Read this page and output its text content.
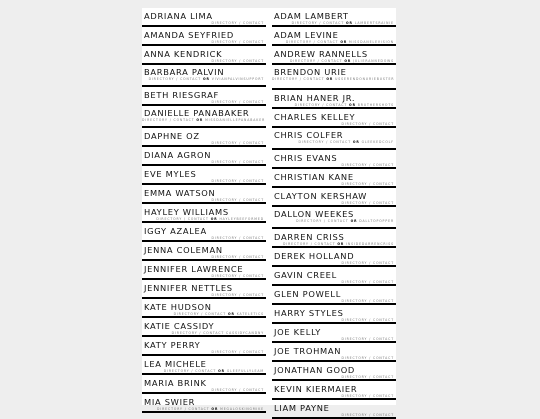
ADRIANA LIMA
DIRECTORY / CONTACT
AMANDA SEYFRIED
DIRECTORY / CONTACT
ANNA KENDRICK
DIRECTORY / CONTACT
BARBARA PALVIN
DIRECTORY / CONTACT OR VIVIANPALVINSUPPORT
BETH RIESGRAF
DIRECTORY / CONTACT
DANIELLE PANABAKER
DIRECTORY / CONTACT OR MISSDANIELLEPANABAKER
DAPHNE OZ
DIRECTORY / CONTACT
DIANA AGRON
DIRECTORY / CONTACT
EVE MYLES
DIRECTORY / CONTACT
EMMA WATSON
DIRECTORY / CONTACT
HAYLEY WILLIAMS
DIRECTORY / CONTACT OR HAYLEYBEEFORMED
IGGY AZALEA
DIRECTORY / CONTACT
JENNA COLEMAN
DIRECTORY / CONTACT
JENNIFER LAWRENCE
DIRECTORY / CONTACT
JENNIFER NETTLES
DIRECTORY / CONTACT
KATE HUDSON
DIRECTORY / CONTACT OR KATELETICS
KATIE CASSIDY
DIRECTORY / CONTACT CASSIDYCANDNY
KATY PERRY
DIRECTORY / CONTACT
LEA MICHELE
DIRECTORY / CONTACT OR GLEEFULLYLEAM
MARIA BRINK
DIRECTORY / CONTACT
MIA SWIER
DIRECTORY / CONTACT OR MEGALOSKINGMIKE
ADAM LAMBERT
DIRECTORY / CONTACT OR LAMBERTSRAINIE
ADAM LEVINE
DIRECTORY / CONTACT OR MISSDANELEVISION
ANDREW RANNELLS
DIRECTORY / CONTACT OR JULIERANNEDOWS
BRENDON URIE
DIRECTORY / CONTACT OR USSERENDONURIEBUSTER
BRIAN HANER JR.
DIRECTORY / CONTACT OR BRUTHERSHOTS
CHARLES KELLEY
DIRECTORY / CONTACT
CHRIS COLFER
DIRECTORY / CONTACT OR GLEEKEDCOLF
CHRIS EVANS
DIRECTORY / CONTACT
CHRISTIAN KANE
DIRECTORY / CONTACT
CLAYTON KERSHAW
DIRECTORY / CONTACT
DALLON WEEKES
DIRECTORY / CONTACT OR DALLTOPOPPER
DARREN CRISS
DIRECTORY / CONTACT OR INSIDEDARRENCRISS
DEREK HOLLAND
DIRECTORY / CONTACT
GAVIN CREEL
DIRECTORY / CONTACT
GLEN POWELL
DIRECTORY / CONTACT
HARRY STYLES
DIRECTORY / CONTACT
JOE KELLY
DIRECTORY / CONTACT
JOE TROHMAN
DIRECTORY / CONTACT
JONATHAN GOOD
DIRECTORY / CONTACT
KEVIN KIERMAIER
DIRECTORY / CONTACT
LIAM PAYNE
DIRECTORY / CONTACT
